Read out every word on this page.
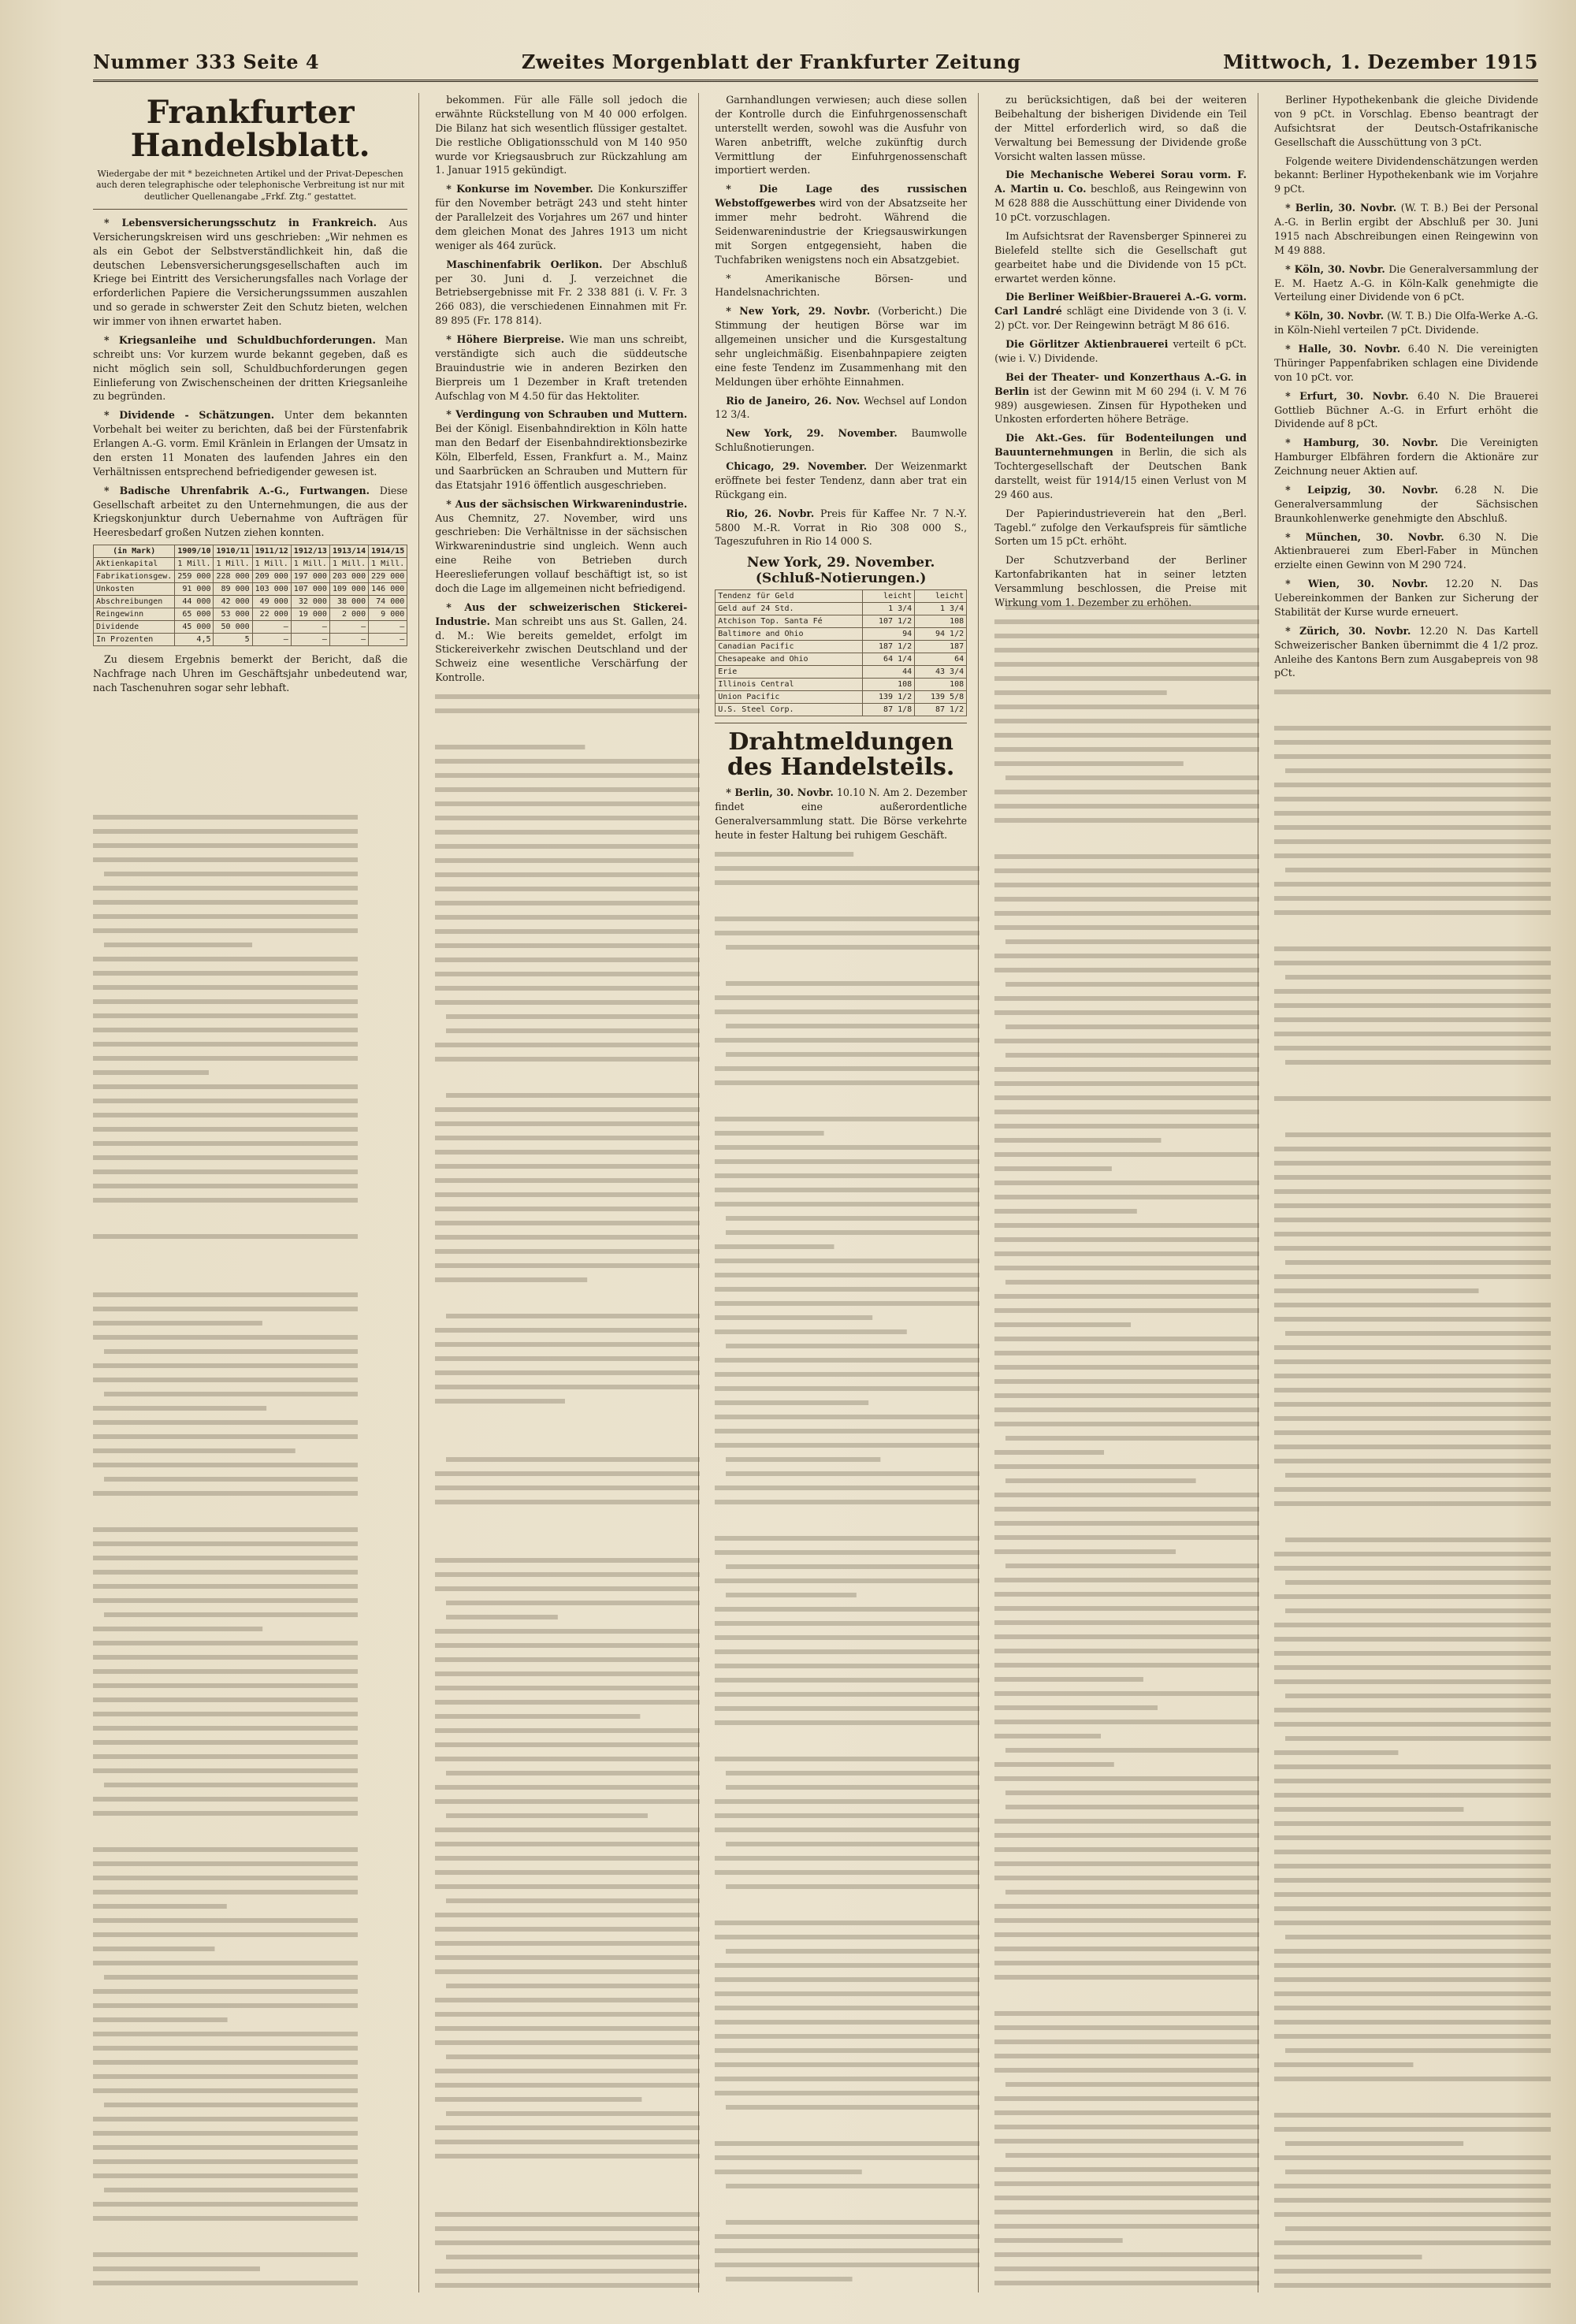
Nummer 333 Seite 4	Zweites Morgenblatt der Frankfurter Zeitung	Mittwoch, 1. Dezember 1915
Frankfurter Handelsblatt.
Wiedergabe der mit * bezeichneten Artikel und der Privat-Depeschen auch deren telegraphische oder telephonische Verbreitung ist nur mit deutlicher Quellenangabe „Frkf. Ztg.“ gestattet.

* Lebensversicherungsschutz in Frankreich. Aus Versicherungskreisen wird uns geschrieben: „Wir nehmen es als ein Gebot der Selbstverständlichkeit hin, daß die deutschen Lebensversicherungsgesellschaften auch im Kriege bei Eintritt des Versicherungsfalles nach Vorlage der erforderlichen Papiere die Versicherungssummen auszahlen und so gerade in schwerster Zeit den Schutz bieten, welchen wir immer von ihnen erwartet haben.

* Kriegsanleihe und Schuldbuchforderungen. Man schreibt uns: Vor kurzem wurde bekannt gegeben, daß es nicht möglich sein soll, Schuldbuchforderungen gegen Einlieferung von Zwischenscheinen der dritten Kriegsanleihe zu begründen.

* Dividende - Schätzungen. Unter dem bekannten Vorbehalt bei weiter zu berichten, daß bei der Fürstenfabrik Erlangen A.-G. vorm. Emil Kränlein in Erlangen der Umsatz in den ersten 11 Monaten des laufenden Jahres ein den Verhältnissen entsprechend befriedigender gewesen ist.

* Badische Uhrenfabrik A.-G., Furtwangen. Diese Gesellschaft arbeitet zu den Unternehmungen, die aus der Kriegskonjunktur durch Uebernahme von Aufträgen für Heeresbedarf großen Nutzen ziehen konnten.

(in Mark)	1909/10	1910/11	1911/12	1912/13	1913/14	1914/15
Aktienkapital	1 Mill.	1 Mill.	1 Mill.	1 Mill.	1 Mill.	1 Mill.
Fabrikationsgew.	259 000	228 000	209 000	197 000	203 000	229 000
Unkosten	91 000	89 000	103 000	107 000	109 000	146 000
Abschreibungen	44 000	42 000	49 000	32 000	38 000	74 000
Reingewinn	65 000	53 000	22 000	19 000	2 000	9 000
Dividende	45 000	50 000	—	—	—	—
In Prozenten	4,5	5	—	—	—	—

Zu diesem Ergebnis bemerkt der Bericht, daß die Nachfrage nach Uhren im Geschäftsjahr unbedeutend war, nach Taschenuhren sogar sehr lebhaft.

bekommen. Für alle Fälle soll jedoch die erwähnte Rückstellung von M 40 000 erfolgen. Die Bilanz hat sich wesentlich flüssiger gestaltet. Die restliche Obligationsschuld von M 140 950 wurde vor Kriegsausbruch zur Rückzahlung am 1. Januar 1915 gekündigt.

* Konkurse im November. Die Konkursziffer für den November beträgt 243 und steht hinter der Parallelzeit des Vorjahres um 267 und hinter dem gleichen Monat des Jahres 1913 um nicht weniger als 464 zurück.

Maschinenfabrik Oerlikon. Der Abschluß per 30. Juni d. J. verzeichnet die Betriebsergebnisse mit Fr. 2 338 881 (i. V. Fr. 3 266 083), die verschiedenen Einnahmen mit Fr. 89 895 (Fr. 178 814).

* Höhere Bierpreise. Wie man uns schreibt, verständigte sich auch die süddeutsche Brauindustrie wie in anderen Bezirken den Bierpreis um 1 Dezember in Kraft tretenden Aufschlag von M 4.50 für das Hektoliter.

* Verdingung von Schrauben und Muttern. Bei der Königl. Eisenbahndirektion in Köln hatte man den Bedarf der Eisenbahndirektionsbezirke Köln, Elberfeld, Essen, Frankfurt a. M., Mainz und Saarbrücken an Schrauben und Muttern für das Etatsjahr 1916 öffentlich ausgeschrieben.

* Aus der sächsischen Wirkwarenindustrie. Aus Chemnitz, 27. November, wird uns geschrieben: Die Verhältnisse in der sächsischen Wirkwarenindustrie sind ungleich. Wenn auch eine Reihe von Betrieben durch Heereslieferungen vollauf beschäftigt ist, so ist doch die Lage im allgemeinen nicht befriedigend.

* Aus der schweizerischen Stickerei-Industrie. Man schreibt uns aus St. Gallen, 24. d. M.: Wie bereits gemeldet, erfolgt im Stickereiverkehr zwischen Deutschland und der Schweiz eine wesentliche Verschärfung der Kontrolle.

Garnhandlungen verwiesen; auch diese sollen der Kontrolle durch die Einfuhrgenossenschaft unterstellt werden, sowohl was die Ausfuhr von Waren anbetrifft, welche zukünftig durch Vermittlung der Einfuhrgenossenschaft importiert werden.

* Die Lage des russischen Webstoffgewerbes wird von der Absatzseite her immer mehr bedroht. Während die Seidenwarenindustrie der Kriegsauswirkungen mit Sorgen entgegensieht, haben die Tuchfabriken wenigstens noch ein Absatzgebiet.

* Amerikanische Börsen- und Handelsnachrichten.

* New York, 29. Novbr. (Vorbericht.) Die Stimmung der heutigen Börse war im allgemeinen unsicher und die Kursgestaltung sehr ungleichmäßig. Eisenbahnpapiere zeigten eine feste Tendenz im Zusammenhang mit den Meldungen über erhöhte Einnahmen.

Rio de Janeiro, 26. Nov. Wechsel auf London 12 3/4.

New York, 29. November. Baumwolle Schlußnotierungen.

Chicago, 29. November. Der Weizenmarkt eröffnete bei fester Tendenz, dann aber trat ein Rückgang ein.

Rio, 26. Novbr. Preis für Kaffee Nr. 7 N.-Y. 5800 M.-R. Vorrat in Rio 308 000 S., Tageszufuhren in Rio 14 000 S.

New York, 29. November. (Schluß-Notierungen.)
Tendenz für Geld	leicht	leicht
Geld auf 24 Std.	1 3/4	1 3/4
Atchison Top. Santa Fé	107 1/2	108
Baltimore and Ohio	94	94 1/2
Canadian Pacific	187 1/2	187
Chesapeake and Ohio	64 1/4	64
Erie	44	43 3/4
Illinois Central	108	108
Union Pacific	139 1/2	139 5/8
U.S. Steel Corp.	87 1/8	87 1/2
Drahtmeldungen des Handelsteils.

* Berlin, 30. Novbr. 10.10 N. Am 2. Dezember findet eine außerordentliche Generalversammlung statt. Die Börse verkehrte heute in fester Haltung bei ruhigem Geschäft.

zu berücksichtigen, daß bei der weiteren Beibehaltung der bisherigen Dividende ein Teil der Mittel erforderlich wird, so daß die Verwaltung bei Bemessung der Dividende große Vorsicht walten lassen müsse.

Die Mechanische Weberei Sorau vorm. F. A. Martin u. Co. beschloß, aus Reingewinn von M 628 888 die Ausschüttung einer Dividende von 10 pCt. vorzuschlagen.

Im Aufsichtsrat der Ravensberger Spinnerei zu Bielefeld stellte sich die Gesellschaft gut gearbeitet habe und die Dividende von 15 pCt. erwartet werden könne.

Die Berliner Weißbier-Brauerei A.-G. vorm. Carl Landré schlägt eine Dividende von 3 (i. V. 2) pCt. vor. Der Reingewinn beträgt M 86 616.

Die Görlitzer Aktienbrauerei verteilt 6 pCt. (wie i. V.) Dividende.

Bei der Theater- und Konzerthaus A.-G. in Berlin ist der Gewinn mit M 60 294 (i. V. M 76 989) ausgewiesen. Zinsen für Hypotheken und Unkosten erforderten höhere Beträge.

Die Akt.-Ges. für Bodenteilungen und Bauunternehmungen in Berlin, die sich als Tochtergesellschaft der Deutschen Bank darstellt, weist für 1914/15 einen Verlust von M 29 460 aus.

Der Papierindustrieverein hat den „Berl. Tagebl.“ zufolge den Verkaufspreis für sämtliche Sorten um 15 pCt. erhöht.

Der Schutzverband der Berliner Kartonfabrikanten hat in seiner letzten Versammlung beschlossen, die Preise mit Wirkung vom 1. Dezember zu erhöhen.

Berliner Hypothekenbank die gleiche Dividende von 9 pCt. in Vorschlag. Ebenso beantragt der Aufsichtsrat der Deutsch-Ostafrikanische Gesellschaft die Ausschüttung von 3 pCt.

Folgende weitere Dividendenschätzungen werden bekannt: Berliner Hypothekenbank wie im Vorjahre 9 pCt.

* Berlin, 30. Novbr. (W. T. B.) Bei der Personal A.-G. in Berlin ergibt der Abschluß per 30. Juni 1915 nach Abschreibungen einen Reingewinn von M 49 888.

* Köln, 30. Novbr. Die Generalversammlung der E. M. Haetz A.-G. in Köln-Kalk genehmigte die Verteilung einer Dividende von 6 pCt.

* Köln, 30. Novbr. (W. T. B.) Die Olfa-Werke A.-G. in Köln-Niehl verteilen 7 pCt. Dividende.

* Halle, 30. Novbr. 6.40 N. Die vereinigten Thüringer Pappenfabriken schlagen eine Dividende von 10 pCt. vor.

* Erfurt, 30. Novbr. 6.40 N. Die Brauerei Gottlieb Büchner A.-G. in Erfurt erhöht die Dividende auf 8 pCt.

* Hamburg, 30. Novbr. Die Vereinigten Hamburger Elbfähren fordern die Aktionäre zur Zeichnung neuer Aktien auf.

* Leipzig, 30. Novbr. 6.28 N. Die Generalversammlung der Sächsischen Braunkohlenwerke genehmigte den Abschluß.

* München, 30. Novbr. 6.30 N. Die Aktienbrauerei zum Eberl-Faber in München erzielte einen Gewinn von M 290 724.

* Wien, 30. Novbr. 12.20 N. Das Uebereinkommen der Banken zur Sicherung der Stabilität der Kurse wurde erneuert.

* Zürich, 30. Novbr. 12.20 N. Das Kartell Schweizerischer Banken übernimmt die 4 1/2 proz. Anleihe des Kantons Bern zum Ausgabepreis von 98 pCt.
